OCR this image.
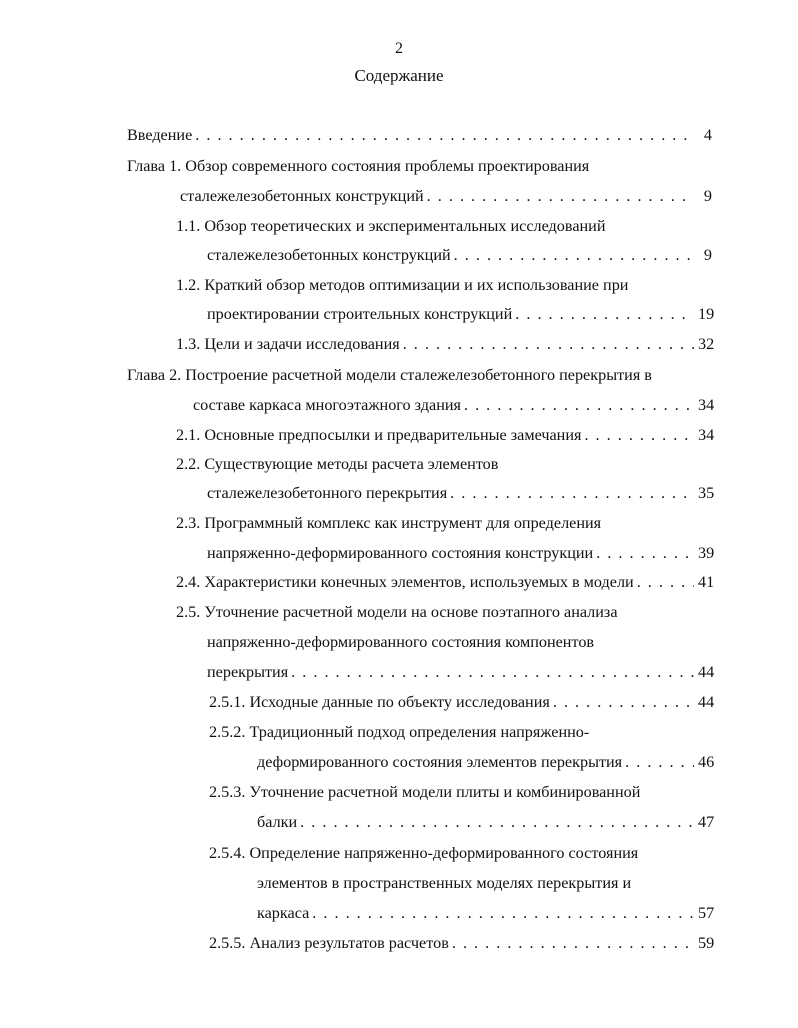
2
Содержание
Введение . . .	4
Глава 1. Обзор современного состояния проблемы проектирования
сталежелезобетонных конструкций . . .	9
1.1. Обзор теоретических и экспериментальных исследований
сталежелезобетонных конструкций . . .	9
1.2. Краткий обзор методов оптимизации и их использование при
проектировании строительных конструкций . . .	19
1.3. Цели и задачи исследования . . .	32
Глава 2. Построение расчетной модели сталежелезобетонного перекрытия в
составе каркаса многоэтажного здания . . .	34
2.1. Основные предпосылки и предварительные замечания . . .	34
2.2. Существующие методы расчета элементов
сталежелезобетонного перекрытия . . .	35
2.3. Программный комплекс как инструмент для определения
напряженно-деформированного состояния конструкции . . .	39
2.4. Характеристики конечных элементов, используемых в модели . . .	41
2.5. Уточнение расчетной модели на основе поэтапного анализа
напряженно-деформированного состояния компонентов
перекрытия . . .	44
2.5.1. Исходные данные по объекту исследования . . .	44
2.5.2. Традиционный подход определения напряженно-
деформированного состояния элементов перекрытия . . .	46
2.5.3. Уточнение расчетной модели плиты и комбинированной
балки . . .	47
2.5.4. Определение напряженно-деформированного состояния
элементов в пространственных моделях перекрытия и
каркаса . . .	57
2.5.5. Анализ результатов расчетов . . .	59
